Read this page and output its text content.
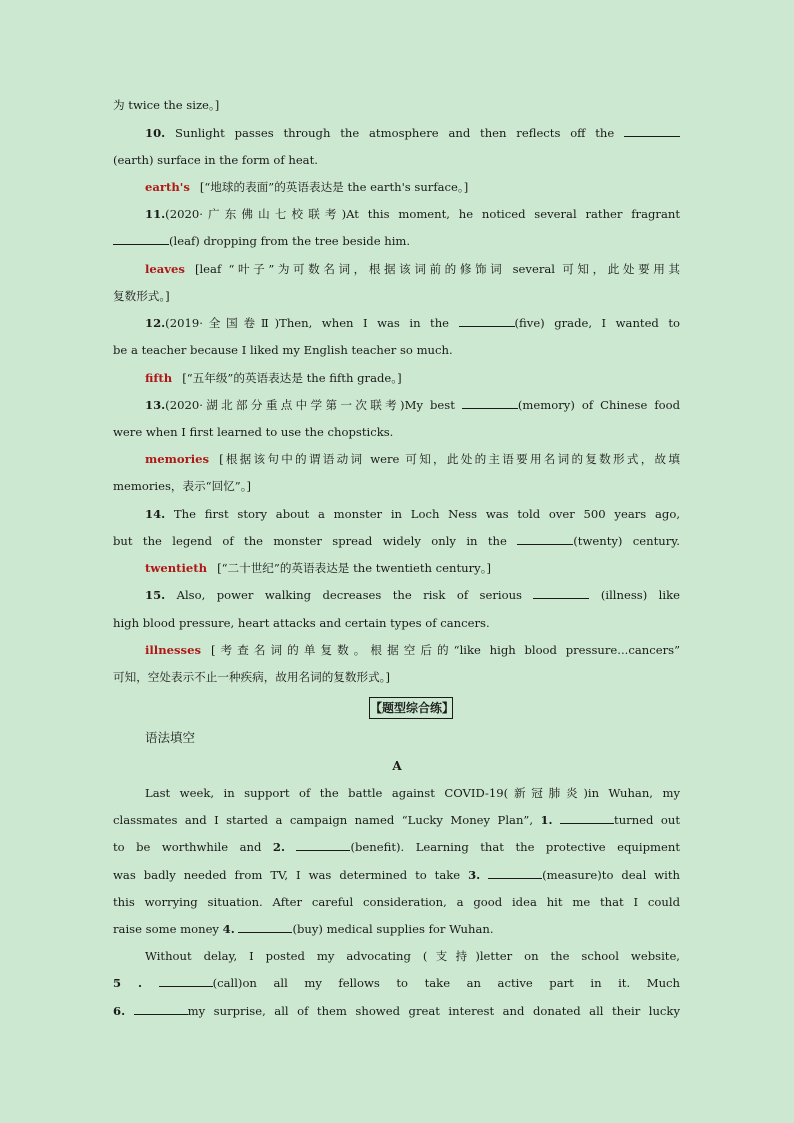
为 twice the size。]
10. Sunlight passes through the atmosphere and then reflects off the
(earth) surface in the form of heat.
earth's [“地球的表面”的英语表达是 the earth's surface。]
11.(2020·广东佛山七校联考)At this moment, he noticed several rather fragrant
(leaf) dropping from the tree beside him.
leaves [leaf “叶子”为可数名词，根据该词前的修饰词 several 可知，此处要用其
复数形式。]
12.(2019·全国卷Ⅱ)Then, when I was in the	(five) grade, I wanted to
be a teacher because I liked my English teacher so much.
fifth [“五年级”的英语表达是 the fifth grade。]
13.(2020·湖北部分重点中学第一次联考)My best	(memory) of Chinese food
were when I first learned to use the chopsticks.
memories [根据该句中的谓语动词 were 可知，此处的主语要用名词的复数形式，故填
memories，表示“回忆”。]
14. The first story about a monster in Loch Ness was told over 500 years ago,
but the legend of the monster spread widely only in the	(twenty) century.
twentieth [“二十世纪”的英语表达是 the twentieth century。]
15. Also, power walking decreases the risk of serious	(illness) like
high blood pressure, heart attacks and certain types of cancers.
illnesses [考查名词的单复数。根据空后的“like high blood pressure...cancers”
可知，空处表示不止一种疾病，故用名词的复数形式。]
【题型综合练】
语法填空
A
Last week, in support of the battle against COVID-19(新冠肺炎)in Wuhan, my
classmates and I started a campaign named “Lucky Money Plan”, 1.	turned out
to be worthwhile and 2.	(benefit). Learning that the protective equipment
was badly needed from TV, I was determined to take 3.	(measure)to deal with
this worrying situation. After careful consideration, a good idea hit me that I could
raise some money 4.	(buy) medical supplies for Wuhan.
Without delay, I posted my advocating (支持)letter on the school website,
5 .	(call)on all my fellows to take an active part in it. Much
6.	my surprise, all of them showed great interest and donated all their lucky
